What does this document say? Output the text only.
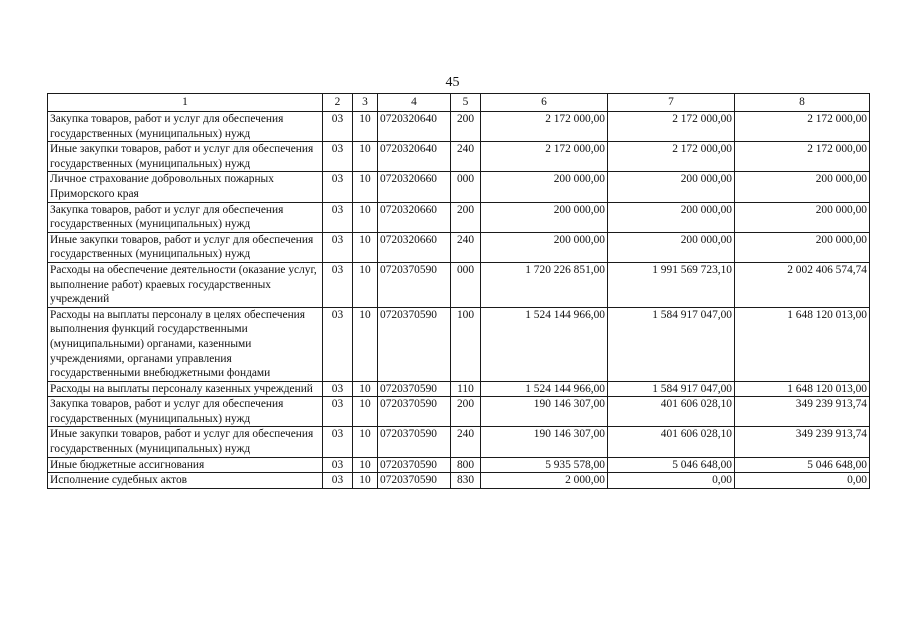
45
1	2	3	4	5	6	7	8
Закупка товаров, работ и услуг для обеспечения государственных (муниципальных) нужд	03	10	0720320640	200	2 172 000,00	2 172 000,00	2 172 000,00
Иные закупки товаров, работ и услуг для обеспечения государственных (муниципальных) нужд	03	10	0720320640	240	2 172 000,00	2 172 000,00	2 172 000,00
Личное страхование добровольных пожарных Приморского края	03	10	0720320660	000	200 000,00	200 000,00	200 000,00
Закупка товаров, работ и услуг для обеспечения государственных (муниципальных) нужд	03	10	0720320660	200	200 000,00	200 000,00	200 000,00
Иные закупки товаров, работ и услуг для обеспечения государственных (муниципальных) нужд	03	10	0720320660	240	200 000,00	200 000,00	200 000,00
Расходы на обеспечение деятельности (оказание услуг, выполнение работ) краевых государственных учреждений	03	10	0720370590	000	1 720 226 851,00	1 991 569 723,10	2 002 406 574,74
Расходы на выплаты персоналу в целях обеспечения выполнения функций государственными (муниципальными) органами, казенными учреждениями, органами управления государственными внебюджетными фондами	03	10	0720370590	100	1 524 144 966,00	1 584 917 047,00	1 648 120 013,00
Расходы на выплаты персоналу казенных учреждений	03	10	0720370590	110	1 524 144 966,00	1 584 917 047,00	1 648 120 013,00
Закупка товаров, работ и услуг для обеспечения государственных (муниципальных) нужд	03	10	0720370590	200	190 146 307,00	401 606 028,10	349 239 913,74
Иные закупки товаров, работ и услуг для обеспечения государственных (муниципальных) нужд	03	10	0720370590	240	190 146 307,00	401 606 028,10	349 239 913,74
Иные бюджетные ассигнования	03	10	0720370590	800	5 935 578,00	5 046 648,00	5 046 648,00
Исполнение судебных актов	03	10	0720370590	830	2 000,00	0,00	0,00
